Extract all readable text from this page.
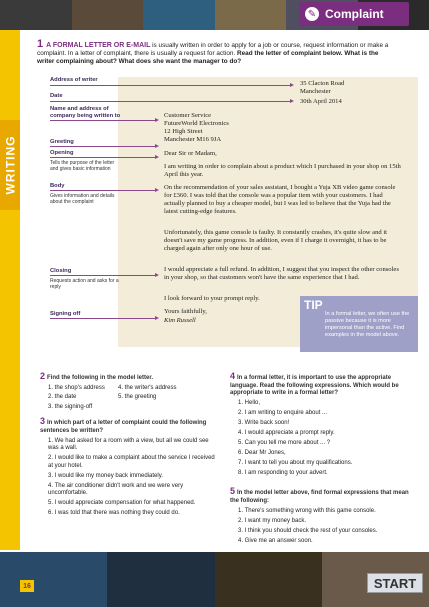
✎ Complaint
WRITING
1 A FORMAL LETTER OR E-MAIL is usually written in order to apply for a job or course, request information or make a complaint. In a letter of complaint, there is usually a request for action. Read the letter of complaint below. What is the writer complaining about? What does she want the manager to do?
35 Clacton Road
Manchester
30th April 2014
Customer Service
FutureWorld Electronics
12 High Street
Manchester M16 9JA
Dear Sir or Madam,
I am writing in order to complain about a product which I purchased in your shop on 15th April this year.
On the recommendation of your sales assistant, I bought a Yuja XB video game console for £360. I was told that the console was a popular item with your customers. I had actually planned to buy a cheaper model, but I was led to believe that the Yuja had the latest cutting-edge features.
Unfortunately, this game console is faulty. It constantly crashes, it's quite slow and it doesn't save my game progress. In addition, even if I charge it overnight, it has to be charged again after only one hour of use.
I would appreciate a full refund. In addition, I suggest that you inspect the other consoles in your shop, so that customers won't have the same experience that I had.
I look forward to your prompt reply.
Yours faithfully,
Kim Russell
Address of writer
Date
Name and address of company being written to
Greeting
Opening
Tells the purpose of the letter and gives basic information
Body
Gives information and details about the complaint
Closing
Requests action and asks for a reply
Signing off
TIP
In a formal letter, we often use the passive because it is more impersonal than the active. Find examples in the model above.
2 Find the following in the model letter.
1. the shop's address	4. the writer's address
2. the date	5. the greeting
3. the signing-off
3 In which part of a letter of complaint could the following sentences be written?
1. We had asked for a room with a view, but all we could see was a wall.
2. I would like to make a complaint about the service I received at your hotel.
3. I would like my money back immediately.
4. The air conditioner didn't work and we were very uncomfortable.
5. I would appreciate compensation for what happened.
6. I was told that there was nothing they could do.
4 In a formal letter, it is important to use the appropriate language. Read the following expressions. Which would be appropriate to write in a formal letter?
1. Hello,
2. I am writing to enquire about ...
3. Write back soon!
4. I would appreciate a prompt reply.
5. Can you tell me more about ... ?
6. Dear Mr Jones,
7. I want to tell you about my qualifications.
8. I am responding to your advert.
5 In the model letter above, find formal expressions that mean the following:
1. There's something wrong with this game console.
2. I want my money back.
3. I think you should check the rest of your consoles.
4. Give me an answer soon.
16	START
